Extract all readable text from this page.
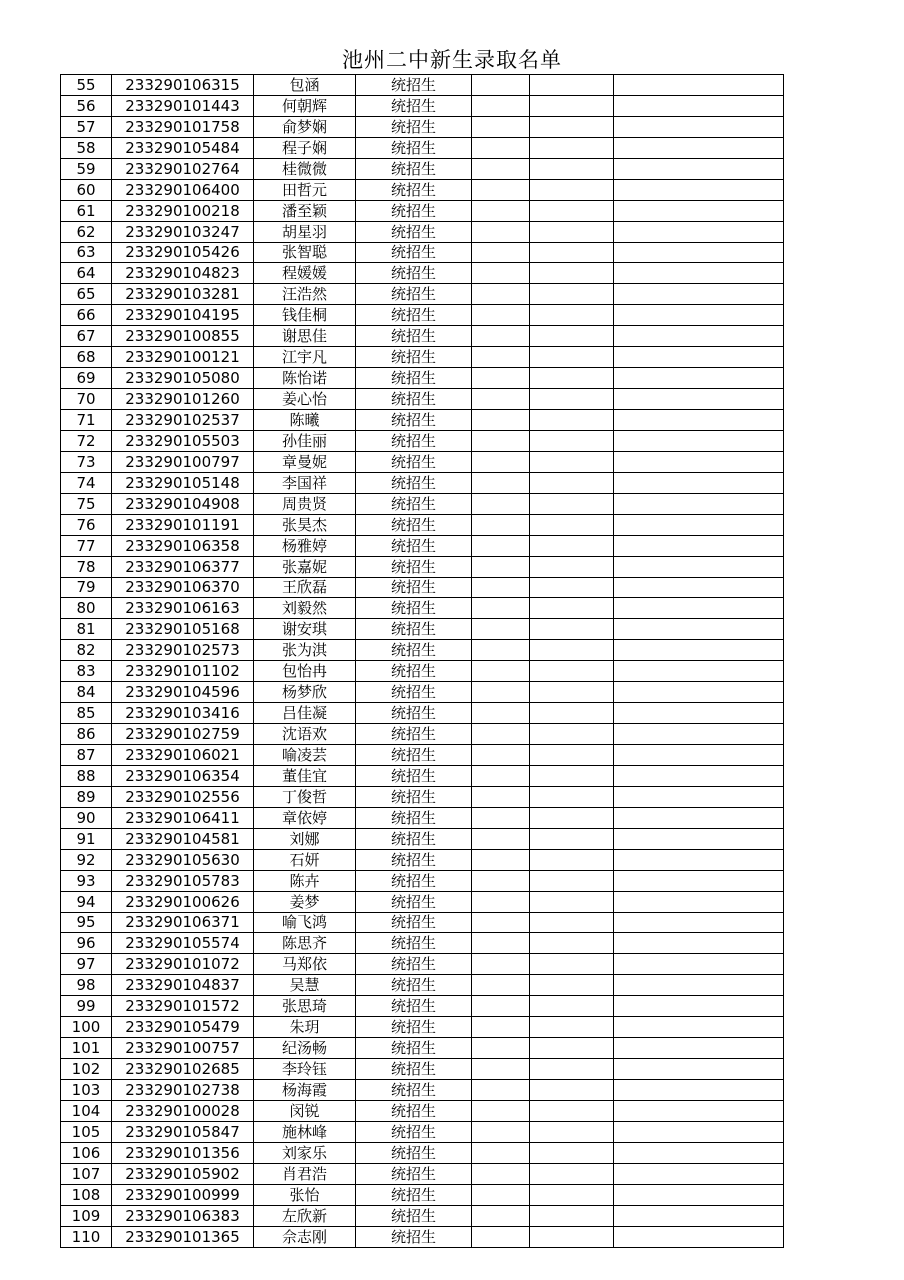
池州二中新生录取名单
55	233290106315	包涵	统招生			
56	233290101443	何朝辉	统招生			
57	233290101758	俞梦娴	统招生			
58	233290105484	程子娴	统招生			
59	233290102764	桂微微	统招生			
60	233290106400	田哲元	统招生			
61	233290100218	潘至颖	统招生			
62	233290103247	胡星羽	统招生			
63	233290105426	张智聪	统招生			
64	233290104823	程媛媛	统招生			
65	233290103281	汪浩然	统招生			
66	233290104195	钱佳桐	统招生			
67	233290100855	谢思佳	统招生			
68	233290100121	江宇凡	统招生			
69	233290105080	陈怡诺	统招生			
70	233290101260	姜心怡	统招生			
71	233290102537	陈曦	统招生			
72	233290105503	孙佳丽	统招生			
73	233290100797	章曼妮	统招生			
74	233290105148	李国祥	统招生			
75	233290104908	周贵贤	统招生			
76	233290101191	张昊杰	统招生			
77	233290106358	杨雅婷	统招生			
78	233290106377	张嘉妮	统招生			
79	233290106370	王欣磊	统招生			
80	233290106163	刘毅然	统招生			
81	233290105168	谢安琪	统招生			
82	233290102573	张为淇	统招生			
83	233290101102	包怡冉	统招生			
84	233290104596	杨梦欣	统招生			
85	233290103416	吕佳凝	统招生			
86	233290102759	沈语欢	统招生			
87	233290106021	喻凌芸	统招生			
88	233290106354	董佳宜	统招生			
89	233290102556	丁俊哲	统招生			
90	233290106411	章依婷	统招生			
91	233290104581	刘娜	统招生			
92	233290105630	石妍	统招生			
93	233290105783	陈卉	统招生			
94	233290100626	姜梦	统招生			
95	233290106371	喻飞鸿	统招生			
96	233290105574	陈思齐	统招生			
97	233290101072	马郑依	统招生			
98	233290104837	吴慧	统招生			
99	233290101572	张思琦	统招生			
100	233290105479	朱玥	统招生			
101	233290100757	纪汤畅	统招生			
102	233290102685	李玲钰	统招生			
103	233290102738	杨海霞	统招生			
104	233290100028	闵锐	统招生			
105	233290105847	施林峰	统招生			
106	233290101356	刘家乐	统招生			
107	233290105902	肖君浩	统招生			
108	233290100999	张怡	统招生			
109	233290106383	左欣新	统招生			
110	233290101365	佘志刚	统招生			
